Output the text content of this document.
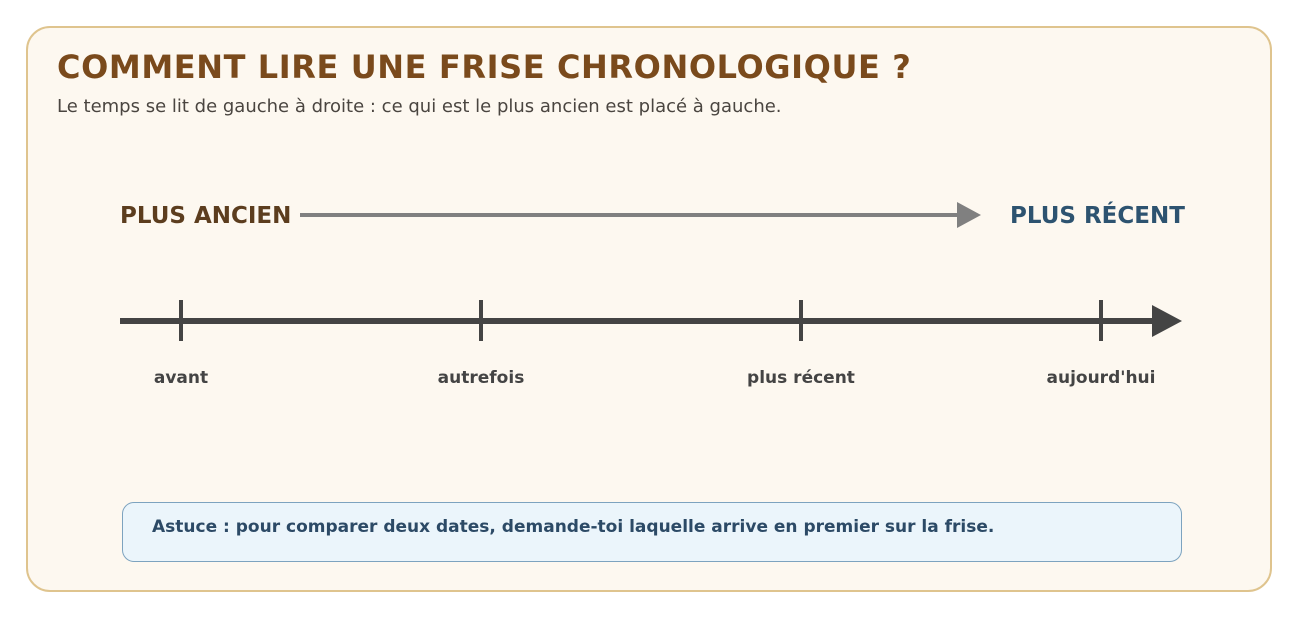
COMMENT LIRE UNE FRISE CHRONOLOGIQUE ?

Le temps se lit de gauche à droite : ce qui est le plus ancien est placé à gauche.

Astuce : pour comparer deux dates, demande-toi laquelle arrive en premier sur la frise.
PLUS ANCIEN	PLUS RÉCENT
avant	autrefois	plus récent	aujourd'hui
